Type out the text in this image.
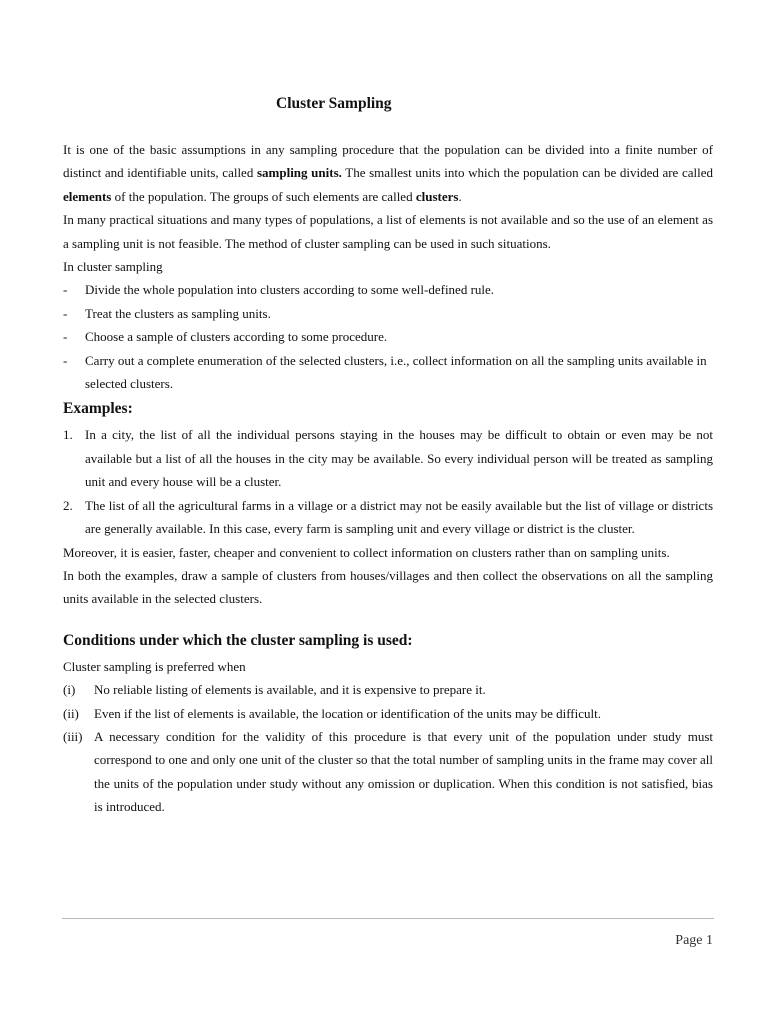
Cluster Sampling

It is one of the basic assumptions in any sampling procedure that the population can be divided into a finite number of distinct and identifiable units, called sampling units. The smallest units into which the population can be divided are called elements of the population. The groups of such elements are called clusters.

In many practical situations and many types of populations, a list of elements is not available and so the use of an element as a sampling unit is not feasible. The method of cluster sampling can be used in such situations.

In cluster sampling

-	Divide the whole population into clusters according to some well-defined rule.
-	Treat the clusters as sampling units.
-	Choose a sample of clusters according to some procedure.
-	Carry out a complete enumeration of the selected clusters, i.e., collect information on all the sampling units available in selected clusters.
Examples:
1. In a city, the list of all the individual persons staying in the houses may be difficult to obtain or even may be not available but a list of all the houses in the city may be available. So every individual person will be treated as sampling unit and every house will be a cluster.
2. The list of all the agricultural farms in a village or a district may not be easily available but the list of village or districts are generally available. In this case, every farm is sampling unit and every village or district is the cluster.

Moreover, it is easier, faster, cheaper and convenient to collect information on clusters rather than on sampling units.

In both the examples, draw a sample of clusters from houses/villages and then collect the observations on all the sampling units available in the selected clusters.

Conditions under which the cluster sampling is used:

Cluster sampling is preferred when

(i)	No reliable listing of elements is available, and it is expensive to prepare it.
(ii)	Even if the list of elements is available, the location or identification of the units may be difficult.
(iii) A necessary condition for the validity of this procedure is that every unit of the population under study must correspond to one and only one unit of the cluster so that the total number of sampling units in the frame may cover all the units of the population under study without any omission or duplication. When this condition is not satisfied, bias is introduced.
Page 1
